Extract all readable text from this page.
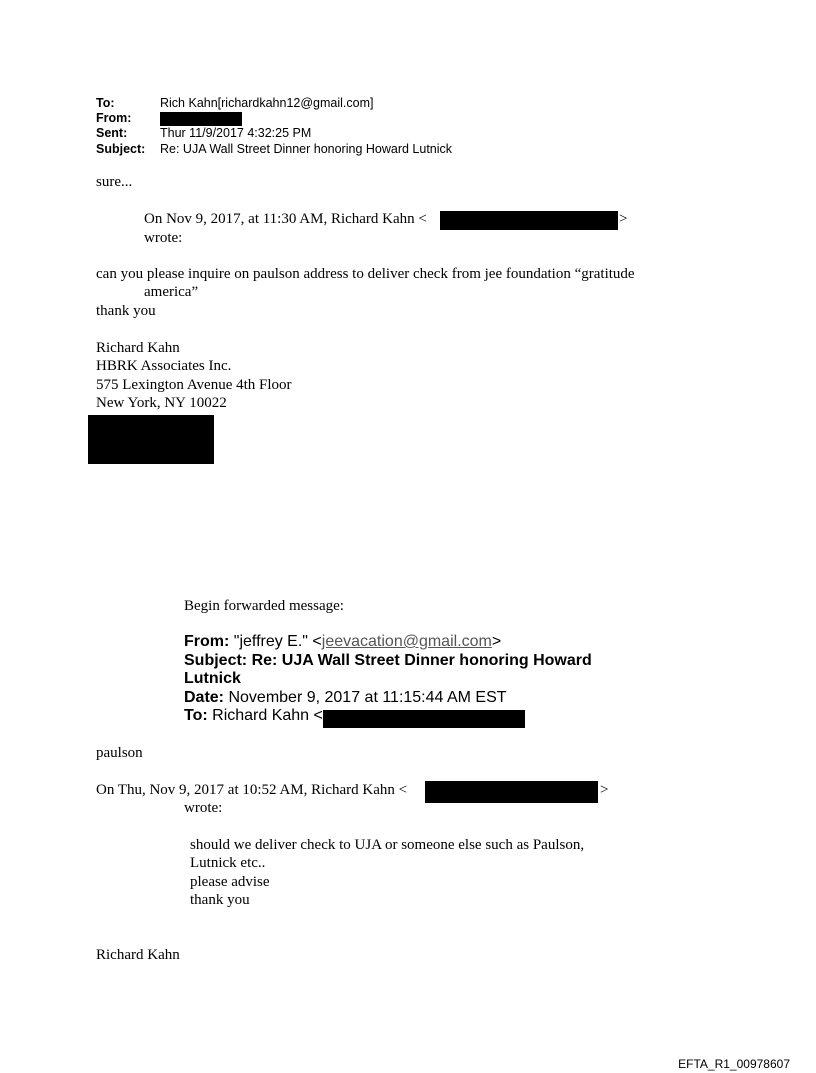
To:	Rich Kahn[richardkahn12@gmail.com]
From:
Sent:	Thur 11/9/2017 4:32:25 PM
Subject: Re: UJA Wall Street Dinner honoring Howard Lutnick
sure...
On Nov 9, 2017, at 11:30 AM, Richard Kahn <	>
wrote:
can you please inquire on paulson address to deliver check from jee foundation “gratitude
america”
thank you
Richard Kahn
HBRK Associates Inc.
575 Lexington Avenue 4th Floor
New York, NY 10022
Begin forwarded message:
From: "jeffrey E." <jeevacation@gmail.com>
Subject: Re: UJA Wall Street Dinner honoring Howard
Lutnick
Date: November 9, 2017 at 11:15:44 AM EST
To: Richard Kahn <
paulson
On Thu, Nov 9, 2017 at 10:52 AM, Richard Kahn <	>
wrote:
should we deliver check to UJA or someone else such as Paulson,
Lutnick etc..
please advise
thank you
Richard Kahn
EFTA_R1_00978607
